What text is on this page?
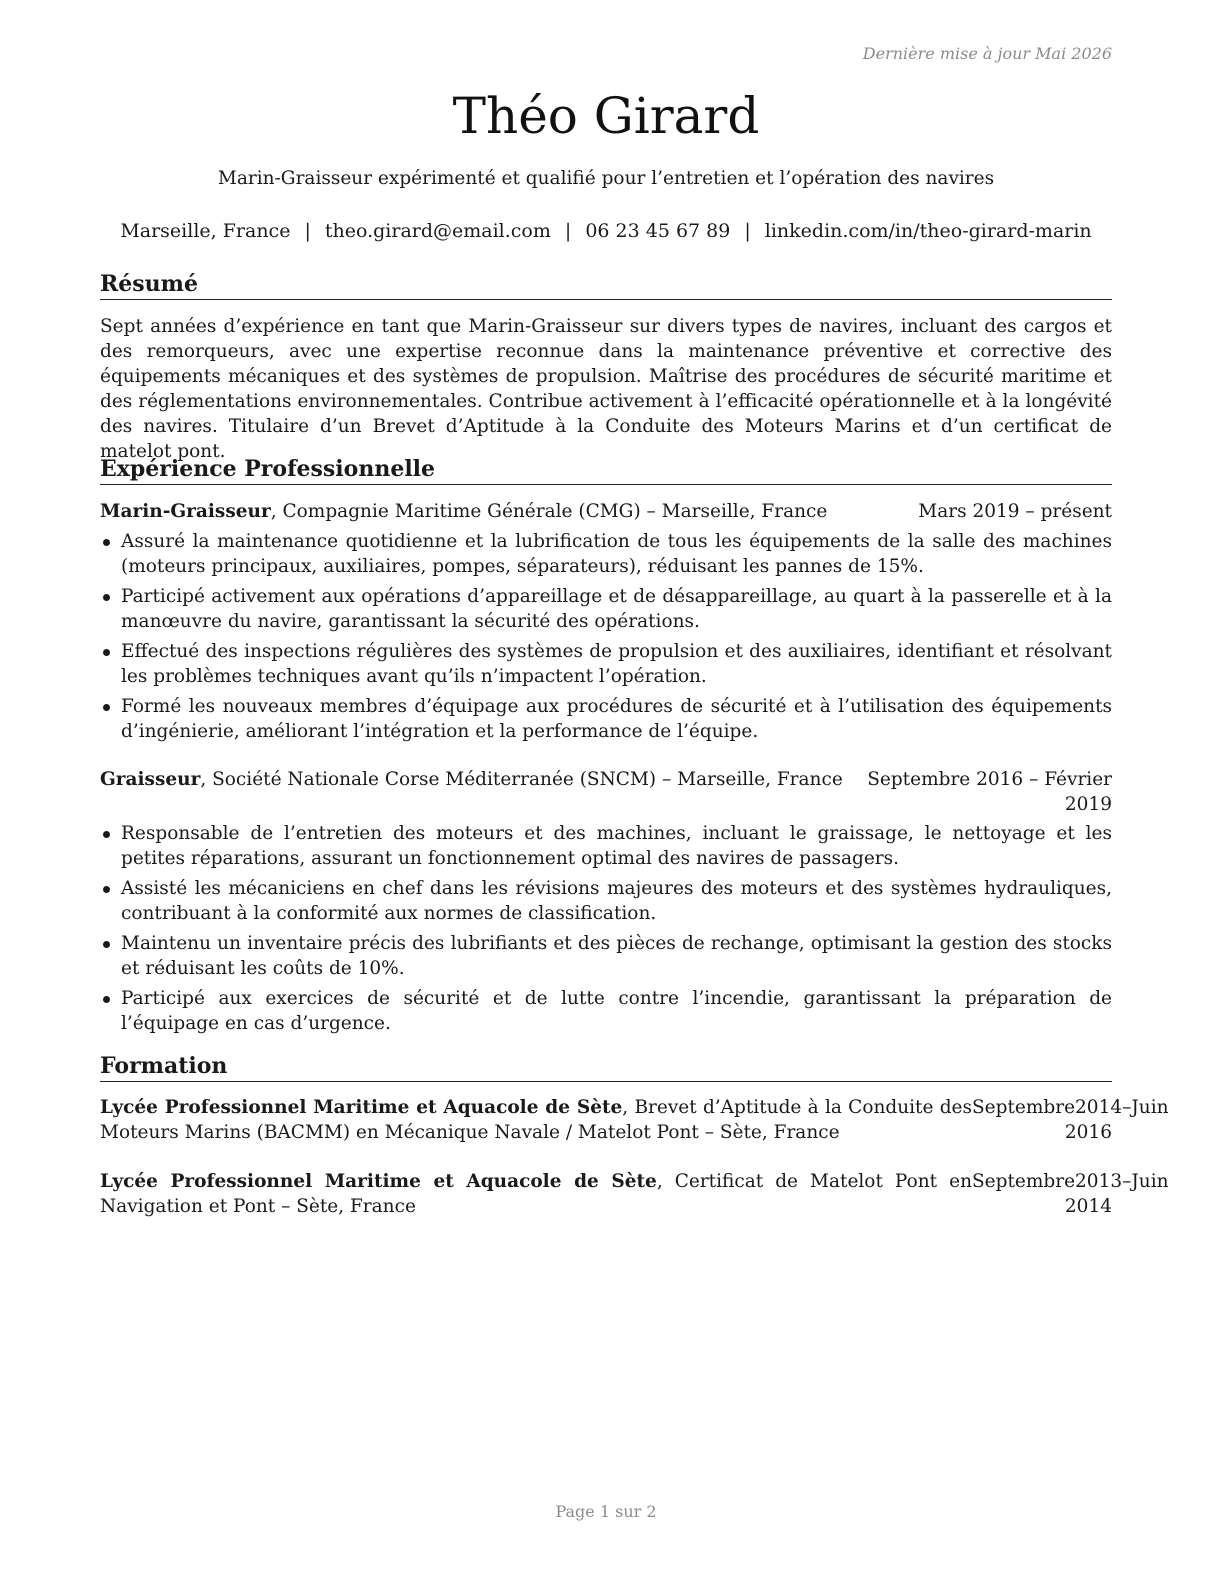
Dernière mise à jour Mai 2026
Théo Girard
Marin-Graisseur expérimenté et qualifié pour l’entretien et l’opération des navires
Marseille, France | theo.girard@email.com | 06 23 45 67 89 | linkedin.com/in/theo-girard-marin
Résumé
Sept années d’expérience en tant que Marin-Graisseur sur divers types de navires, incluant des cargos et des remorqueurs, avec une expertise reconnue dans la maintenance préventive et corrective des équipements mécaniques et des systèmes de propulsion. Maîtrise des procédures de sécurité maritime et des réglementations environnementales. Contribue activement à l’efficacité opérationnelle et à la longévité des navires. Titulaire d’un Brevet d’Aptitude à la Conduite des Moteurs Marins et d’un certificat de matelot pont.
Expérience Professionnelle
Marin-Graisseur, Compagnie Maritime Générale (CMG) – Marseille, France	Mars 2019 – présent
Assuré la maintenance quotidienne et la lubrification de tous les équipements de la salle des machines (moteurs principaux, auxiliaires, pompes, séparateurs), réduisant les pannes de 15%.
Participé activement aux opérations d’appareillage et de désappareillage, au quart à la passerelle et à la manœuvre du navire, garantissant la sécurité des opérations.
Effectué des inspections régulières des systèmes de propulsion et des auxiliaires, identifiant et résolvant les problèmes techniques avant qu’ils n’impactent l’opération.
Formé les nouveaux membres d’équipage aux procédures de sécurité et à l’utilisation des équipements d’ingénierie, améliorant l’intégration et la performance de l’équipe.
Graisseur, Société Nationale Corse Méditerranée (SNCM) – Marseille, France Septembre 2016 – Février
2019
Responsable de l’entretien des moteurs et des machines, incluant le graissage, le nettoyage et les petites réparations, assurant un fonctionnement optimal des navires de passagers.
Assisté les mécaniciens en chef dans les révisions majeures des moteurs et des systèmes hydrauliques, contribuant à la conformité aux normes de classification.
Maintenu un inventaire précis des lubrifiants et des pièces de rechange, optimisant la gestion des stocks et réduisant les coûts de 10%.
Participé aux exercices de sécurité et de lutte contre l’incendie, garantissant la préparation de l’équipage en cas d’urgence.
Formation
Lycée Professionnel Maritime et Aquacole de Sète, Brevet d’Aptitude à la Conduite des Moteurs Marins (BACMM) en Mécanique Navale / Matelot Pont – Sète, France
Septembre 2014 – Juin
2016
Lycée Professionnel Maritime et Aquacole de Sète, Certificat de Matelot Pont en Navigation et Pont – Sète, France
Septembre 2013 – Juin
2014
Page 1 sur 2
